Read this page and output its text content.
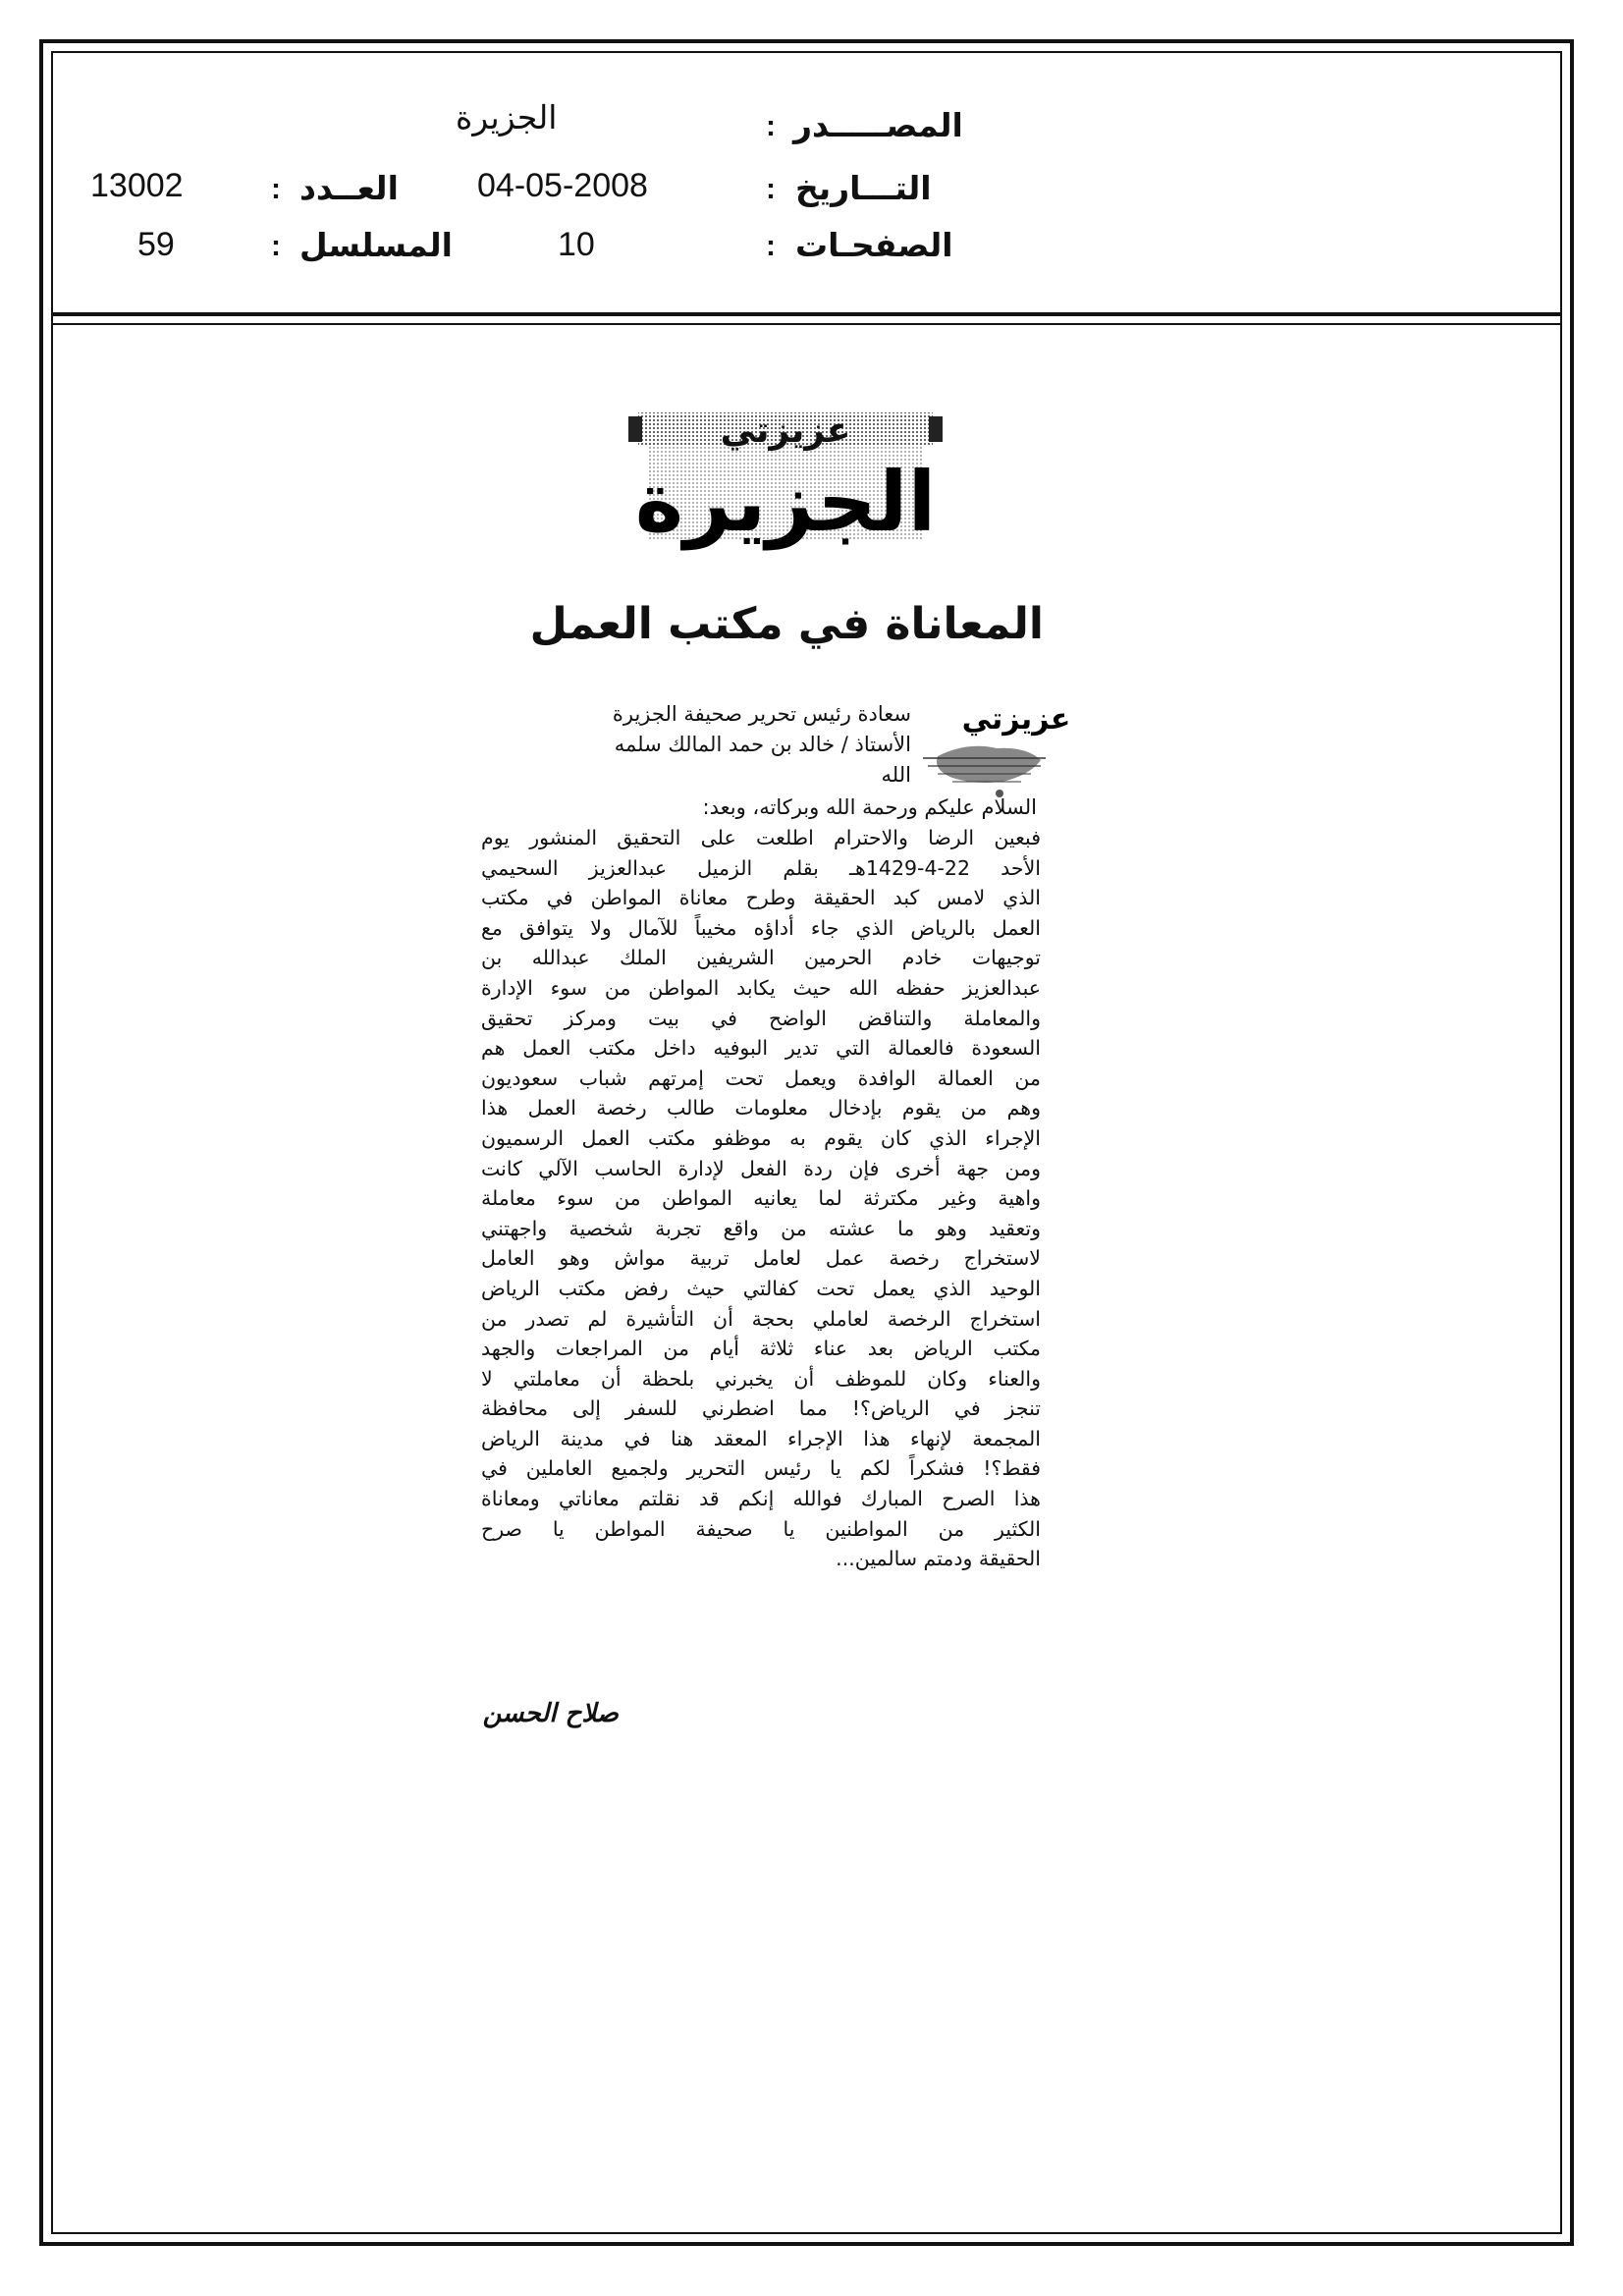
المصـــــدر
:
الجزيرة
التـــاريخ
:
04-05-2008
العــدد
:
13002
الصفحـات
:
10
المسلسل
:
59
عزيزتي
الجزيرة
المعاناة في مكتب العمل
عزيزتي
سعادة رئيس تحرير صحيفة الجزيرة
الأستاذ / خالد بن حمد المالك سلمه
الله
السلام عليكم ورحمة الله وبركاته، وبعد:
فبعين الرضا والاحترام اطلعت على التحقيق المنشور يوم
الأحد 22-4-1429هـ بقلم الزميل عبدالعزيز السحيمي
الذي لامس كبد الحقيقة وطرح معاناة المواطن في مكتب
العمل بالرياض الذي جاء أداؤه مخيباً للآمال ولا يتوافق مع
توجيهات خادم الحرمين الشريفين الملك عبدالله بن
عبدالعزيز حفظه الله حيث يكابد المواطن من سوء الإدارة
والمعاملة والتناقض الواضح في بيت ومركز تحقيق
السعودة فالعمالة التي تدير البوفيه داخل مكتب العمل هم
من العمالة الوافدة ويعمل تحت إمرتهم شباب سعوديون
وهم من يقوم بإدخال معلومات طالب رخصة العمل هذا
الإجراء الذي كان يقوم به موظفو مكتب العمل الرسميون
ومن جهة أخرى فإن ردة الفعل لإدارة الحاسب الآلي كانت
واهية وغير مكترثة لما يعانيه المواطن من سوء معاملة
وتعقيد وهو ما عشته من واقع تجربة شخصية واجهتني
لاستخراج رخصة عمل لعامل تربية مواش وهو العامل
الوحيد الذي يعمل تحت كفالتي حيث رفض مكتب الرياض
استخراج الرخصة لعاملي بحجة أن التأشيرة لم تصدر من
مكتب الرياض بعد عناء ثلاثة أيام من المراجعات والجهد
والعناء وكان للموظف أن يخبرني بلحظة أن معاملتي لا
تنجز في الرياض؟! مما اضطرني للسفر إلى محافظة
المجمعة لإنهاء هذا الإجراء المعقد هنا في مدينة الرياض
فقط؟! فشكراً لكم يا رئيس التحرير ولجميع العاملين في
هذا الصرح المبارك فوالله إنكم قد نقلتم معاناتي ومعاناة
الكثير من المواطنين يا صحيفة المواطن يا صرح
الحقيقة ودمتم سالمين...
صلاح الحسن
